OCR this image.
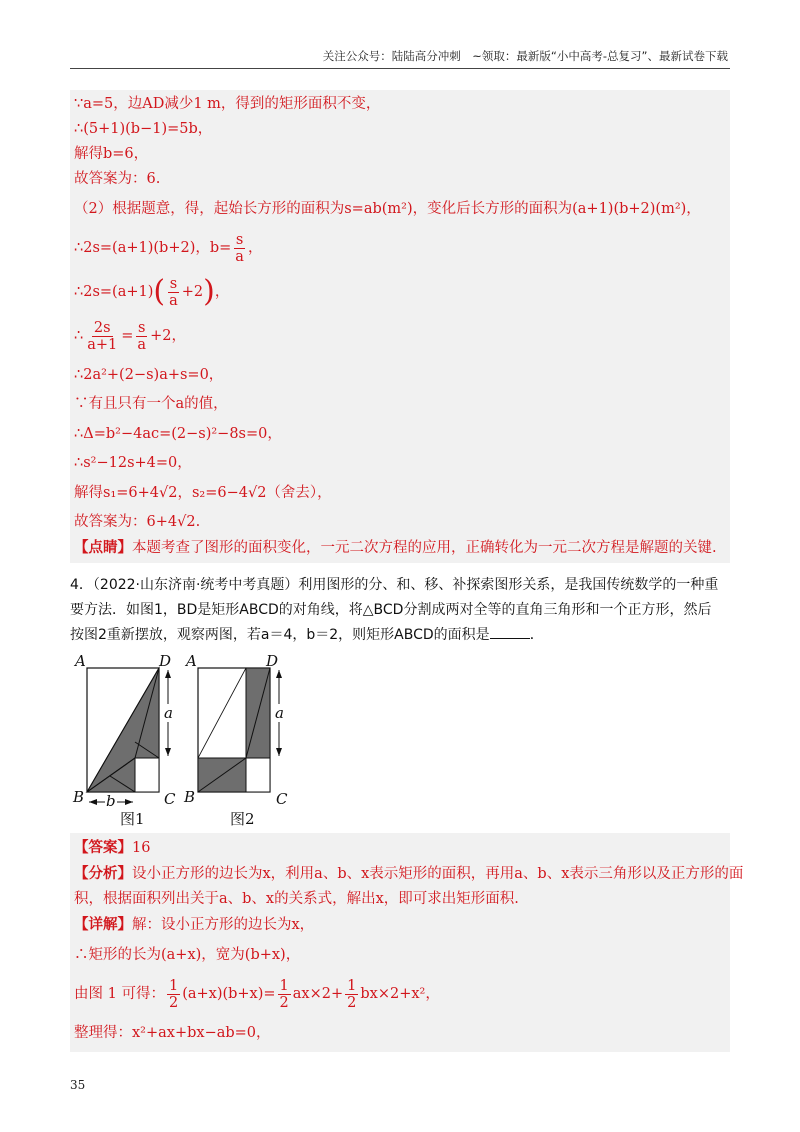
关注公众号：陆陆高分冲刺　~领取：最新版“小中高考-总复习”、最新试卷下载
∵a=5，边AD减少1 m，得到的矩形面积不变，
∴(5+1)(b−1)=5b，
解得b=6，
故答案为：6.
（2）根据题意，得，起始长方形的面积为s=ab(m²)，变化后长方形的面积为(a+1)(b+2)(m²)，
∴2s=(a+1)(b+2)，$b= \frac{s}{a}$ ，
∴2s=(a+1) ( $\frac{s}{a} +2$ ) ，
∴ $\frac{2s}{a+1} = \frac{s}{a} +2$，
∴2a²+(2−s)a+s=0，
∵有且只有一个a的值，
∴Δ=b²−4ac=(2−s)²−8s=0，
∴s²−12s+4=0，
解得s₁=6+4√2，s₂=6−4√2（舍去），
故答案为：6+4√2.
【点睛】本题考查了图形的面积变化，一元二次方程的应用，正确转化为一元二次方程是解题的关键.
4．（2022·山东济南·统考中考真题）利用图形的分、和、移、补探索图形关系，是我国传统数学的一种重
要方法．如图1，BD是矩形ABCD的对角线，将△BCD分割成两对全等的直角三角形和一个正方形，然后
按图2重新摆放，观察两图，若a＝4，b＝2，则矩形ABCD的面积是	．
A	D
B	C
a
b
图1
A	D
B	C
a
图2
【答案】16
【分析】设小正方形的边长为x，利用a、b、x表示矩形的面积，再用a、b、x表示三角形以及正方形的面
积，根据面积列出关于a、b、x的关系式，解出x，即可求出矩形面积.
【详解】解：设小正方形的边长为x，
∴矩形的长为(a+x)，宽为(b+x)，
由图 1 可得： $\frac{1}{2} (a+x)(b+x)= \frac{1}{2} ax\times 2+ \frac{1}{2} bx\times 2+x^2$，
整理得：x²+ax+bx−ab=0，
35
